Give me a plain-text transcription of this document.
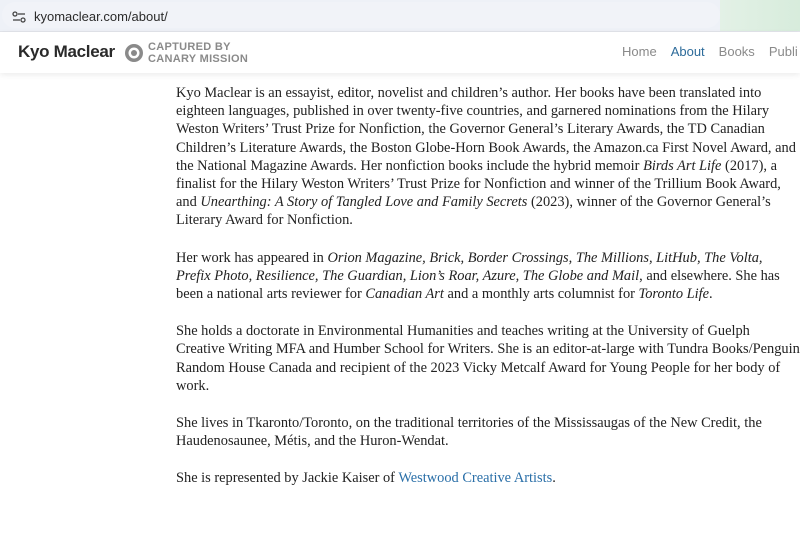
kyomaclear.com/about/
Kyo Maclear	CAPTURED BY
CANARY MISSION	Home About Books Publi

Kyo Maclear is an essayist, editor, novelist and children’s author. Her books have been translated into eighteen languages, published in over twenty-five countries, and garnered nominations from the Hilary Weston Writers’ Trust Prize for Nonfiction, the Governor General’s Literary Awards, the TD Canadian Children’s Literature Awards, the Boston Globe-Horn Book Awards, the Amazon.ca First Novel Award, and the National Magazine Awards. Her nonfiction books include the hybrid memoir Birds Art Life (2017), a finalist for the Hilary Weston Writers’ Trust Prize for Nonfiction and winner of the Trillium Book Award, and Unearthing: A Story of Tangled Love and Family Secrets (2023), winner of the Governor General’s Literary Award for Nonfiction.

Her work has appeared in Orion Magazine, Brick, Border Crossings, The Millions, LitHub, The Volta, Prefix Photo, Resilience, The Guardian, Lion’s Roar, Azure, The Globe and Mail, and elsewhere. She has been a national arts reviewer for Canadian Art and a monthly arts columnist for Toronto Life.

She holds a doctorate in Environmental Humanities and teaches writing at the University of Guelph Creative Writing MFA and Humber School for Writers. She is an editor-at-large with Tundra Books/Penguin Random House Canada and recipient of the 2023 Vicky Metcalf Award for Young People for her body of work.

She lives in Tkaronto/Toronto, on the traditional territories of the Mississaugas of the New Credit, the Haudenosaunee, Métis, and the Huron-Wendat.

She is represented by Jackie Kaiser of Westwood Creative Artists.
